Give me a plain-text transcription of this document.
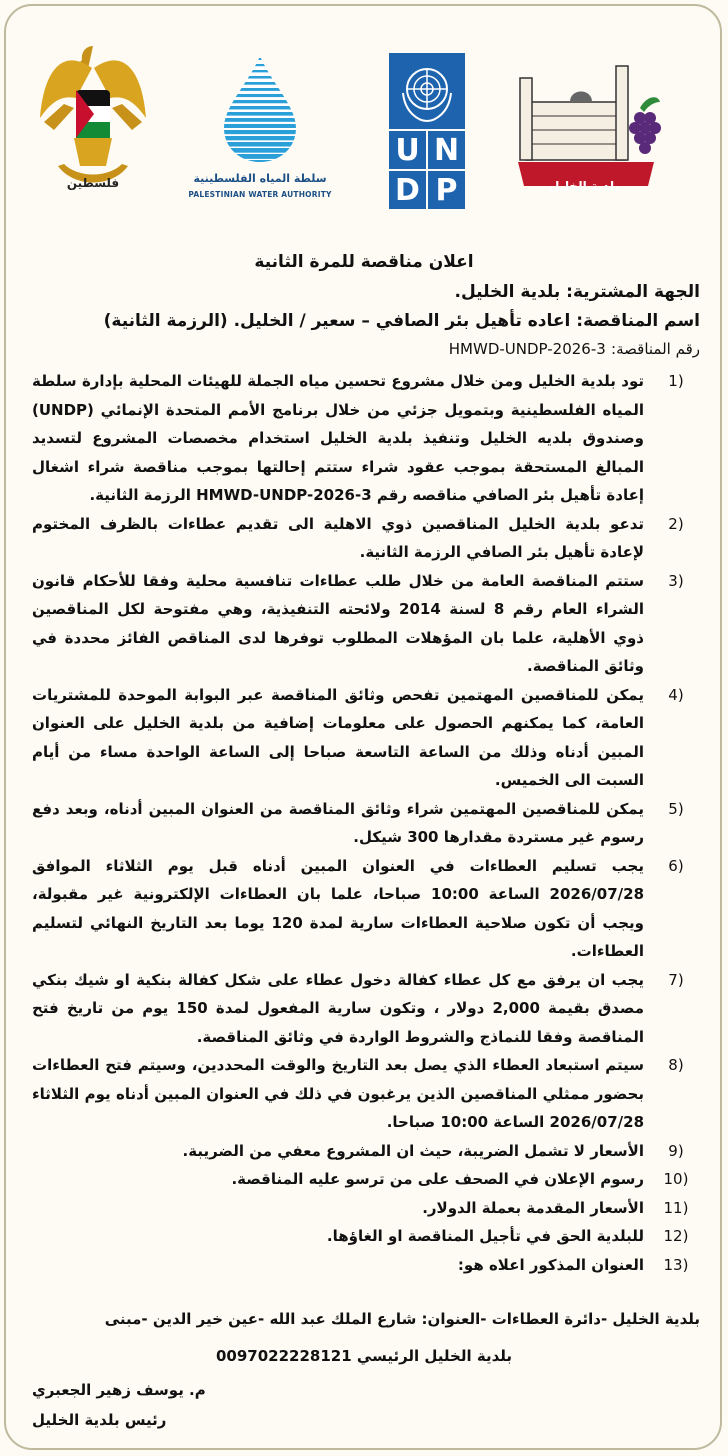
فلسطين	سلطة المياه الفلسطينية
PALESTINIAN WATER AUTHORITY
U N
D P	بلدية الخليل
اعلان مناقصة للمرة الثانية
الجهة المشترية: بلدية الخليل.
اسم المناقصة: اعاده تأهيل بئر الصافي – سعير / الخليل. (الرزمة الثانية)
رقم المناقصة: HMWD-UNDP-2026-3
(1
تود بلدية الخليل ومن خلال مشروع تحسين مياه الجملة للهيئات المحلية بإدارة سلطة المياه الفلسطينية وبتمويل جزئي من خلال برنامج الأمم المتحدة الإنمائي (UNDP) وصندوق بلديه الخليل وتنفيذ بلدية الخليل استخدام مخصصات المشروع لتسديد المبالغ المستحقة بموجب عقود شراء ستتم إحالتها بموجب مناقصة شراء اشغال إعادة تأهيل بئر الصافي مناقصه رقم HMWD-UNDP-2026-3 الرزمة الثانية.
(2
تدعو بلدية الخليل المناقصين ذوي الاهلية الى تقديم عطاءات بالظرف المختوم لإعادة تأهيل بئر الصافي الرزمة الثانية.
(3
ستتم المناقصة العامة من خلال طلب عطاءات تنافسية محلية وفقا للأحكام قانون الشراء العام رقم 8 لسنة 2014 ولائحته التنفيذية، وهي مفتوحة لكل المناقصين ذوي الأهلية، علما بان المؤهلات المطلوب توفرها لدى المناقص الفائز محددة في وثائق المناقصة.
(4
يمكن للمناقصين المهتمين تفحص وثائق المناقصة عبر البوابة الموحدة للمشتريات العامة، كما يمكنهم الحصول على معلومات إضافية من بلدية الخليل على العنوان المبين أدناه وذلك من الساعة التاسعة صباحا إلى الساعة الواحدة مساء من أيام السبت الى الخميس.
(5
يمكن للمناقصين المهتمين شراء وثائق المناقصة من العنوان المبين أدناه، وبعد دفع رسوم غير مستردة مقدارها 300 شيكل.
(6
يجب تسليم العطاءات في العنوان المبين أدناه قبل يوم الثلاثاء الموافق 2026/07/28 الساعة 10:00 صباحا، علما بان العطاءات الإلكترونية غير مقبولة، ويجب أن تكون صلاحية العطاءات سارية لمدة 120 يوما بعد التاريخ النهائي لتسليم العطاءات.
(7
يجب ان يرفق مع كل عطاء كفالة دخول عطاء على شكل كفالة بنكية او شيك بنكي مصدق بقيمة 2,000 دولار ، وتكون سارية المفعول لمدة 150 يوم من تاريخ فتح المناقصة وفقا للنماذج والشروط الواردة في وثائق المناقصة.
(8
سيتم استبعاد العطاء الذي يصل بعد التاريخ والوقت المحددين، وسيتم فتح العطاءات بحضور ممثلي المناقصين الذين يرغبون في ذلك في العنوان المبين أدناه يوم الثلاثاء 2026/07/28 الساعة 10:00 صباحا.
(9
الأسعار لا تشمل الضريبة، حيث ان المشروع معفي من الضريبة.
(10
رسوم الإعلان في الصحف على من ترسو عليه المناقصة.
(11
الأسعار المقدمة بعملة الدولار.
(12
للبلدية الحق في تأجيل المناقصة او الغاؤها.
(13
العنوان المذكور اعلاه هو:
بلدية الخليل -دائرة العطاءات -العنوان: شارع الملك عبد الله -عين خير الدين -مبنى
بلدية الخليل الرئيسي 0097022228121
م. يوسف زهير الجعبري
رئيس بلدية الخليل
